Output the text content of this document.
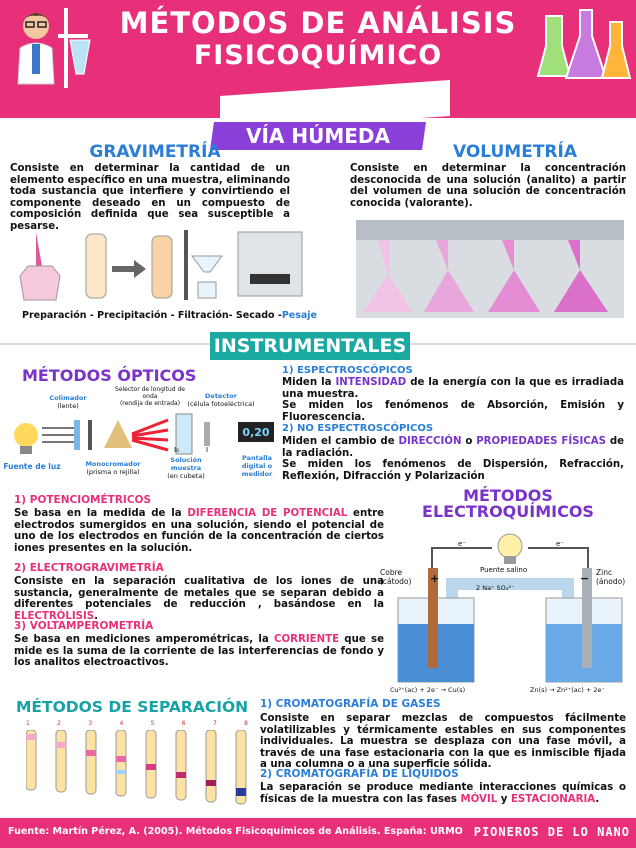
MÉTODOS DE ANÁLISIS
FISICOQUÍMICO
VÍA HÚMEDA
GRAVIMETRÍA
Consiste en determinar la cantidad de un elemento específico en una muestra, eliminando toda sustancia que interfiere y convirtiendo el componente deseado en un compuesto de composición definida que sea susceptible a pesarse.
Preparación - Precipitación - Filtración- Secado -Pesaje
VOLUMETRÍA
Consiste en determinar la concentración desconocida de una solución (analito) a partir del volumen de una solución de concentración conocida (valorante).
INSTRUMENTALES
MÉTODOS ÓPTICOS
Colimador
(lente)
Selector de longitud de onda
(rendija de entrada)
Detector
(célula fotoeléctrica)
0,20
I₀	I
Fuente de luz	Monocromador
(prisma o rejilla)
Solución muestra
(en cubeta)
Pantalla digital o medidor
1) ESPECTROSCÓPICOS
Miden la INTENSIDAD de la energía con la que es irradiada una muestra.
Se miden los fenómenos de Absorción, Emisión y Fluorescencia.
2) NO ESPECTROSCÓPICOS
Miden el cambio de DIRECCIÓN o PROPIEDADES FÍSICAS de la radiación.
Se miden los fenómenos de Dispersión, Refracción, Reflexión, Difracción y Polarización
MÉTODOS
ELECTROQUÍMICOS
1) POTENCIOMÉTRICOS
Se basa en la medida de la DIFERENCIA DE POTENCIAL entre electrodos sumergidos en una solución, siendo el potencial de uno de los electrodos en función de la concentración de ciertos iones presentes en la solución.
2) ELECTROGRAVIMETRÍA
Consiste en la separación cualitativa de los iones de una sustancia, generalmente de metales que se separan debido a diferentes potenciales de reducción , basándose en la ELECTRÓLISIS.
3) VOLTAMPEROMETRÍA
Se basa en mediciones amperométricas, la CORRIENTE que se mide es la suma de la corriente de las interferencias de fondo y los analitos electroactivos.
Cobre
(cátodo)
Zinc
(ánodo)
Puente salino
2 Na⁺ SO₄²⁻
e⁻	e⁻
+	−
Cu²⁺(ac) + 2e⁻ → Cu(s)	Zn(s) → Zn²⁺(ac) + 2e⁻
MÉTODOS DE SEPARACIÓN
1	2	3	4	5	6	7	8
1) CROMATOGRAFÍA DE GASES
Consiste en separar mezclas de compuestos fácilmente volatilizables y térmicamente estables en sus componentes individuales. La muestra se desplaza con una fase móvil, a través de una fase estacionaria con la que es inmiscible fijada a una columna o a una superficie sólida.
2) CROMATOGRAFÍA DE LÍQUIDOS
La separación se produce mediante interacciones químicas o físicas de la muestra con las fases MÓVIL y ESTACIONARIA.
Fuente: Martín Pérez, A. (2005). Métodos Fisicoquímicos de Análisis. España: URMO PIONEROS DE LO NANO
